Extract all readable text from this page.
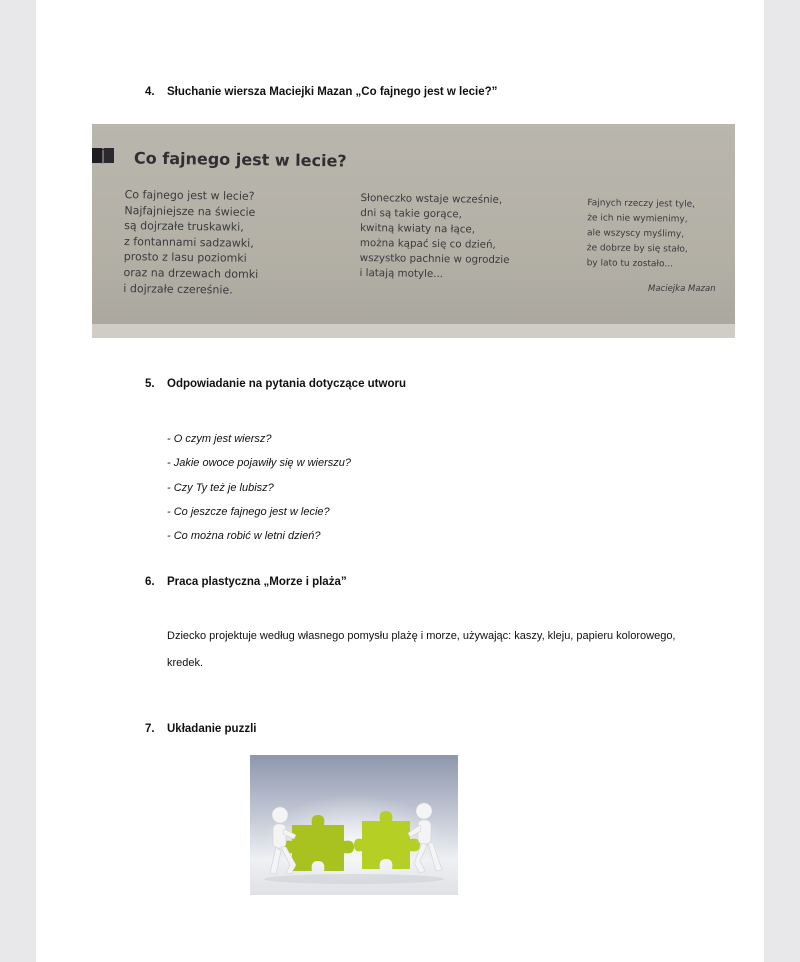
4. Słuchanie wiersza Maciejki Mazan „Co fajnego jest w lecie?”
Co fajnego jest w lecie?
Co fajnego jest w lecie?
Najfajniejsze na świecie
są dojrzałe truskawki,
z fontannami sadzawki,
prosto z lasu poziomki
oraz na drzewach domki
i dojrzałe czereśnie.
Słoneczko wstaje wcześnie,
dni są takie gorące,
kwitną kwiaty na łące,
można kąpać się co dzień,
wszystko pachnie w ogrodzie
i latają motyle...
Fajnych rzeczy jest tyle,
że ich nie wymienimy,
ale wszyscy myślimy,
że dobrze by się stało,
by lato tu zostało...
Maciejka Mazan
5. Odpowiadanie na pytania dotyczące utworu
- O czym jest wiersz?
- Jakie owoce pojawiły się w wierszu?
- Czy Ty też je lubisz?
- Co jeszcze fajnego jest w lecie?
- Co można robić w letni dzień?
6. Praca plastyczna „Morze i plaża”
Dziecko projektuje według własnego pomysłu plażę i morze, używając: kaszy, kleju, papieru kolorowego, kredek.
7. Układanie puzzli
